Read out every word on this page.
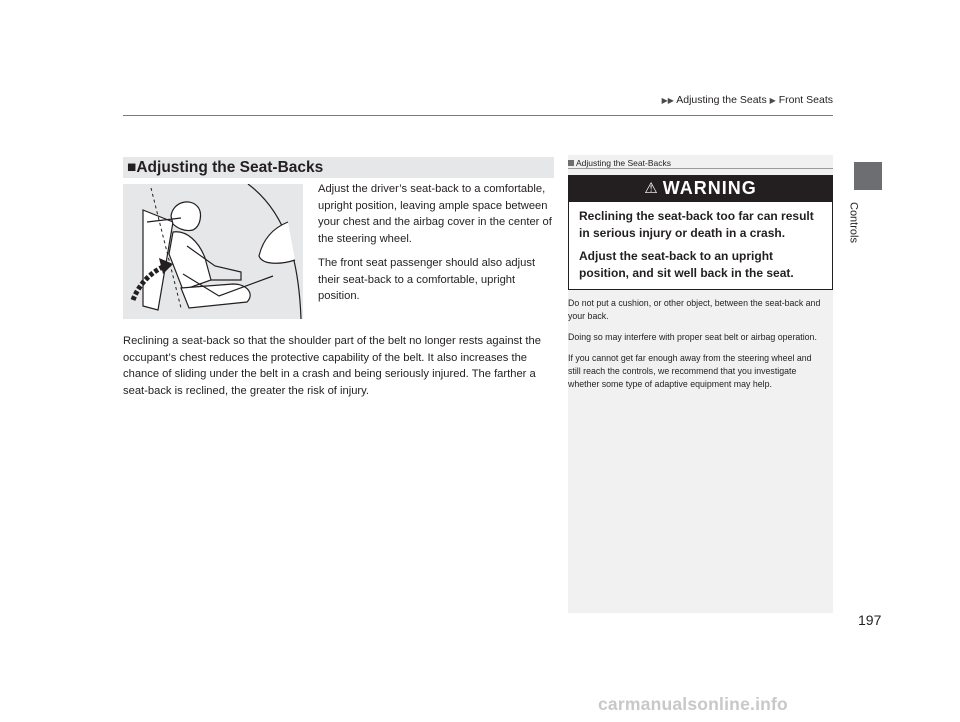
▶▶ Adjusting the Seats ▶ Front Seats
Controls
■Adjusting the Seat-Backs

Adjust the driver’s seat-back to a comfortable, upright position, leaving ample space between your chest and the airbag cover in the center of the steering wheel.

The front seat passenger should also adjust their seat-back to a comfortable, upright position.

Reclining a seat-back so that the shoulder part of the belt no longer rests against the occupant’s chest reduces the protective capability of the belt. It also increases the chance of sliding under the belt in a crash and being seriously injured. The farther a seat-back is reclined, the greater the risk of injury.

Adjusting the Seat-Backs
⚠ WARNING

Reclining the seat-back too far can result in serious injury or death in a crash.

Adjust the seat-back to an upright position, and sit well back in the seat.

Do not put a cushion, or other object, between the seat-back and your back.

Doing so may interfere with proper seat belt or airbag operation.

If you cannot get far enough away from the steering wheel and still reach the controls, we recommend that you investigate whether some type of adaptive equipment may help.

197
carmanualsonline.info
